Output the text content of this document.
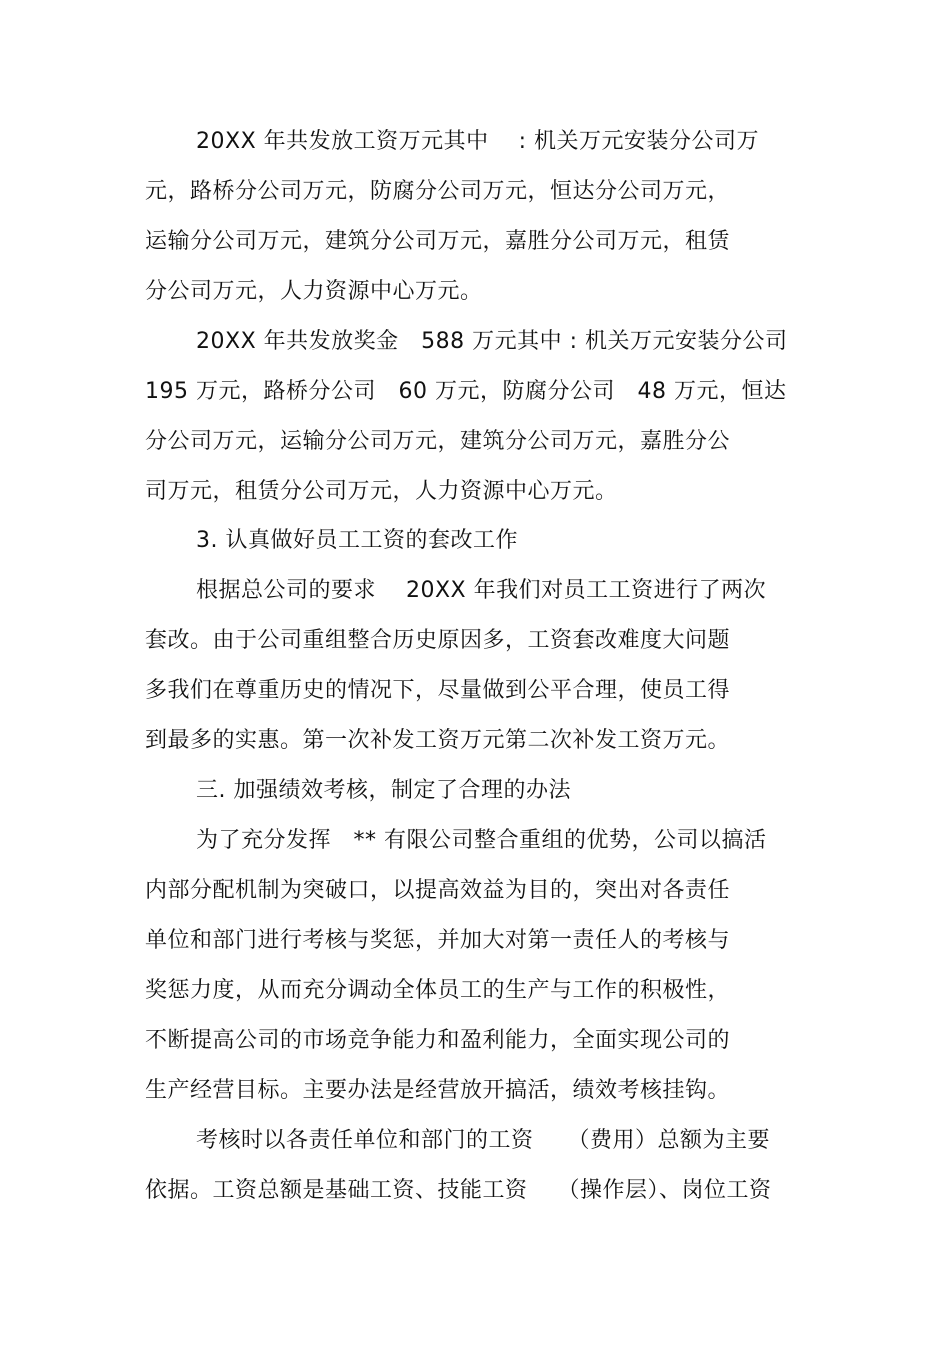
20XX 年共发放工资万元其中　 : 机关万元安装分公司万
元，路桥分公司万元，防腐分公司万元，恒达分公司万元，
运输分公司万元，建筑分公司万元，嘉胜分公司万元，租赁
分公司万元，人力资源中心万元。
20XX 年共发放奖金　588 万元其中 : 机关万元安装分公司
195 万元，路桥分公司　60 万元，防腐分公司　48 万元，恒达
分公司万元，运输分公司万元，建筑分公司万元，嘉胜分公
司万元，租赁分公司万元，人力资源中心万元。
3. 认真做好员工工资的套改工作
根据总公司的要求　 20XX 年我们对员工工资进行了两次
套改。由于公司重组整合历史原因多，工资套改难度大问题
多我们在尊重历史的情况下，尽量做到公平合理，使员工得
到最多的实惠。第一次补发工资万元第二次补发工资万元。
三. 加强绩效考核，制定了合理的办法
为了充分发挥　** 有限公司整合重组的优势，公司以搞活
内部分配机制为突破口，以提高效益为目的，突出对各责任
单位和部门进行考核与奖惩，并加大对第一责任人的考核与
奖惩力度，从而充分调动全体员工的生产与工作的积极性，
不断提高公司的市场竞争能力和盈利能力，全面实现公司的
生产经营目标。主要办法是经营放开搞活，绩效考核挂钩。
考核时以各责任单位和部门的工资　　（费用）总额为主要
依据。工资总额是基础工资、技能工资　 （操作层）、岗位工资
